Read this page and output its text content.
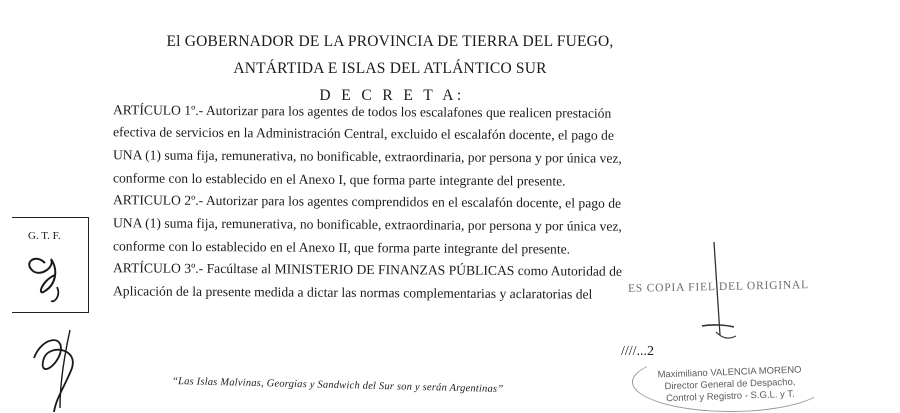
El GOBERNADOR DE LA PROVINCIA DE TIERRA DEL FUEGO,
ANTÁRTIDA E ISLAS DEL ATLÁNTICO SUR
D E C R E T A:
ARTÍCULO 1º.- Autorizar para los agentes de todos los escalafones que realicen prestación
efectiva de servicios en la Administración Central, excluido el escalafón docente, el pago de
UNA (1) suma fija, remunerativa, no bonificable, extraordinaria, por persona y por única vez,
conforme con lo establecido en el Anexo I, que forma parte integrante del presente.
ARTICULO 2º.- Autorizar para los agentes comprendidos en el escalafón docente, el pago de
UNA (1) suma fija, remunerativa, no bonificable, extraordinaria, por persona y por única vez,
conforme con lo establecido en el Anexo II, que forma parte integrante del presente.
ARTÍCULO 3º.- Facúltase al MINISTERIO DE FINANZAS PÚBLICAS como Autoridad de
Aplicación de la presente medida a dictar las normas complementarias y aclaratorias del
G. T. F.
ES COPIA FIEL DEL ORIGINAL
////...2
“Las Islas Malvinas, Georgias y Sandwich del Sur son y serán Argentinas”
Maximiliano VALENCIA MORENO
Director General de Despacho,
Control y Registro - S.G.L. y T.
